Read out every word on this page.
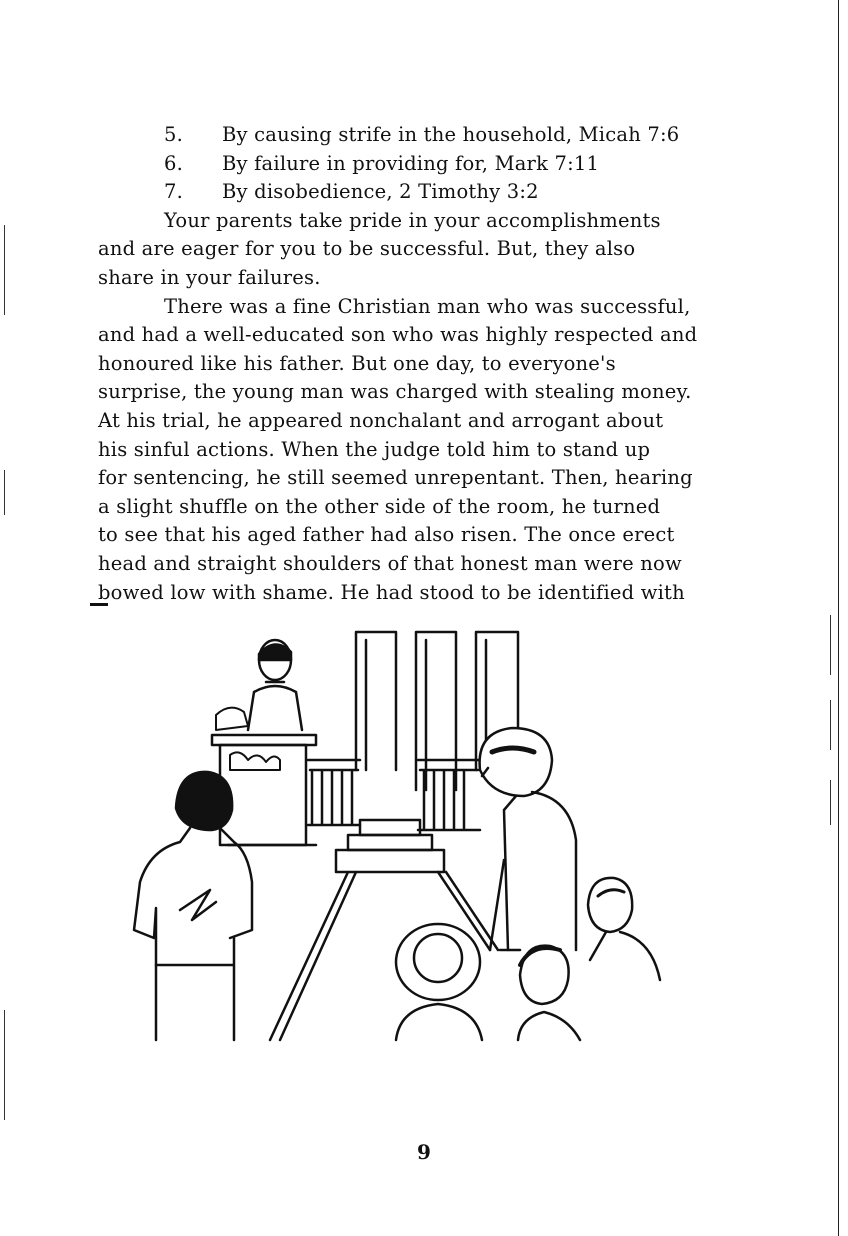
5. By causing strife in the household, Micah 7:6
6. By failure in providing for, Mark 7:11
7. By disobedience, 2 Timothy 3:2
Your parents take pride in your accomplishments
and are eager for you to be successful. But, they also
share in your failures.
There was a fine Christian man who was successful,
and had a well-educated son who was highly respected and
honoured like his father. But one day, to everyone's
surprise, the young man was charged with stealing money.
At his trial, he appeared nonchalant and arrogant about
his sinful actions. When the judge told him to stand up
for sentencing, he still seemed unrepentant. Then, hearing
a slight shuffle on the other side of the room, he turned
to see that his aged father had also risen. The once erect
head and straight shoulders of that honest man were now
bowed low with shame. He had stood to be identified with
9
